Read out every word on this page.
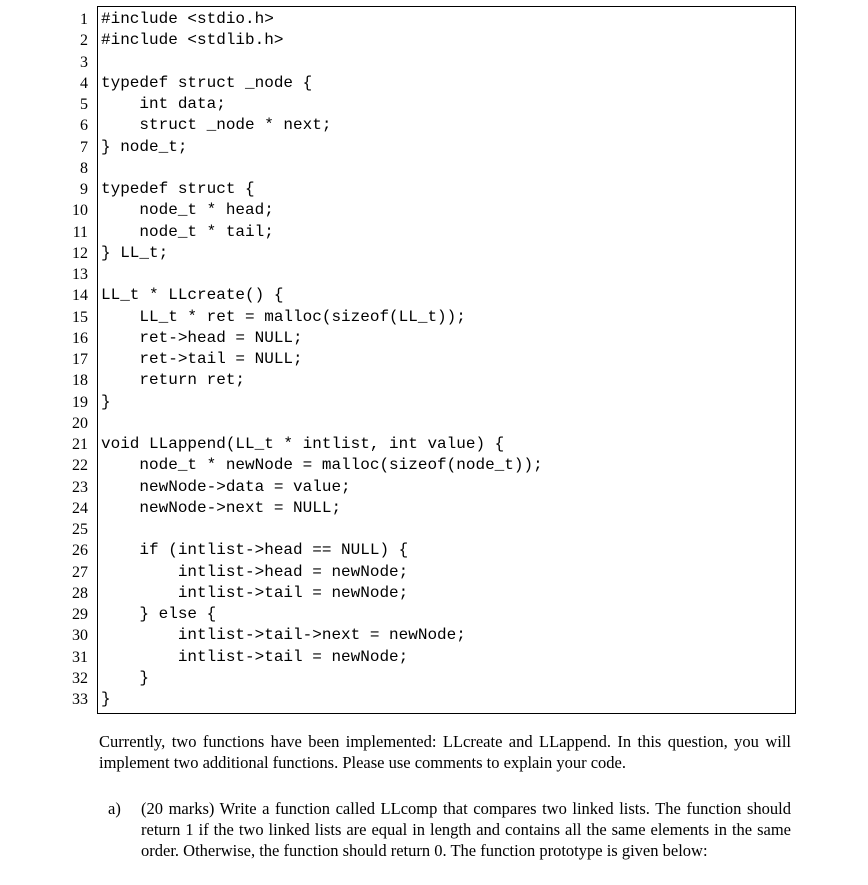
1
2
3
4
5
6
7
8
9
10
11
12
13
14
15
16
17
18
19
20
21
22
23
24
25
26
27
28
29
30
31
32
33
#include <stdio.h>
#include <stdlib.h>

typedef struct _node {
int data;
struct _node * next;
} node_t;

typedef struct {
node_t * head;
node_t * tail;
} LL_t;

LL_t * LLcreate() {
LL_t * ret = malloc(sizeof(LL_t));
ret->head = NULL;
ret->tail = NULL;
return ret;
}

void LLappend(LL_t * intlist, int value) {
node_t * newNode = malloc(sizeof(node_t));
newNode->data = value;
newNode->next = NULL;

if (intlist->head == NULL) {
intlist->head = newNode;
intlist->tail = newNode;
} else {
intlist->tail->next = newNode;
intlist->tail = newNode;
}
}

Currently, two functions have been implemented: LLcreate and LLappend. In this question, you will implement two additional functions. Please use comments to explain your code.

a) (20 marks) Write a function called LLcomp that compares two linked lists. The function should return 1 if the two linked lists are equal in length and contains all the same elements in the same order. Otherwise, the function should return 0. The function prototype is given below:
